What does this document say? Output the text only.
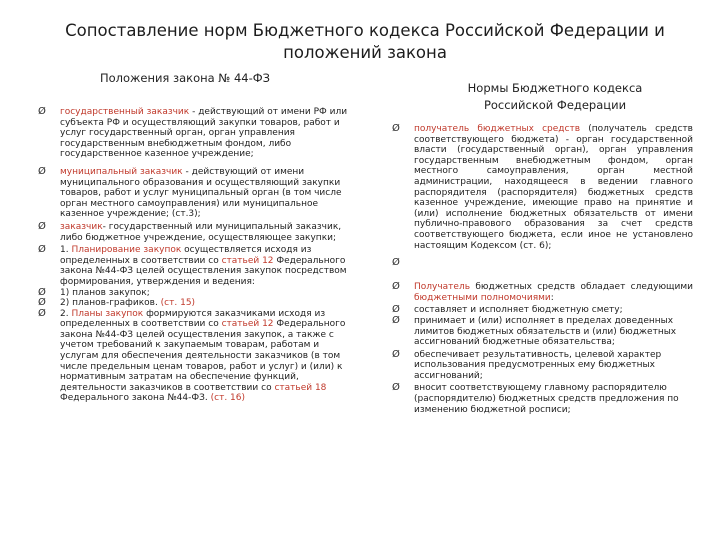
Сопоставление норм Бюджетного кодекса Российской Федерации и положений закона
Положения закона № 44-ФЗ
Нормы Бюджетного кодекса Российской Федерации
Ø государственный заказчик - действующий от имени РФ или субъекта РФ и осуществляющий закупки товаров, работ и услуг государственный орган, орган управления государственным внебюджетным фондом, либо государственное казенное учреждение;
Ø муниципальный заказчик - действующий от имени муниципального образования и осуществляющий закупки товаров, работ и услуг муниципальный орган (в том числе орган местного самоуправления) или муниципальное казенное учреждение; (ст.3);
Ø заказчик- государственный или муниципальный заказчик, либо бюджетное учреждение, осуществляющее закупки;
Ø 1. Планирование закупок осуществляется исходя из определенных в соответствии со статьей 12 Федерального закона №44-ФЗ целей осуществления закупок посредством формирования, утверждения и ведения:
Ø 1) планов закупок;
Ø 2) планов-графиков. (ст. 15)
Ø 2. Планы закупок формируются заказчиками исходя из определенных в соответствии со статьей 12 Федерального закона №44-ФЗ целей осуществления закупок, а также с учетом требований к закупаемым товарам, работам и услугам для обеспечения деятельности заказчиков (в том числе предельным ценам товаров, работ и услуг) и (или) к нормативным затратам на обеспечение функций, деятельности заказчиков в соответствии со статьей 18 Федерального закона №44-ФЗ. (ст. 16)
Ø получатель бюджетных средств (получатель средств соответствующего бюджета) - орган государственной власти (государственный орган), орган управления государственным внебюджетным фондом, орган местного самоуправления, орган местной администрации, находящееся в ведении главного распорядителя (распорядителя) бюджетных средств казенное учреждение, имеющие право на принятие и (или) исполнение бюджетных обязательств от имени публично-правового образования за счет средств соответствующего бюджета, если иное не установлено настоящим Кодексом (ст. 6);
Ø
Ø Получатель бюджетных средств обладает следующими бюджетными полномочиями:
Ø составляет и исполняет бюджетную смету;
Ø принимает и (или) исполняет в пределах доведенных лимитов бюджетных обязательств и (или) бюджетных ассигнований бюджетные обязательства;
Ø обеспечивает результативность, целевой характер использования предусмотренных ему бюджетных ассигнований;
Ø вносит соответствующему главному распорядителю (распорядителю) бюджетных средств предложения по изменению бюджетной росписи;
